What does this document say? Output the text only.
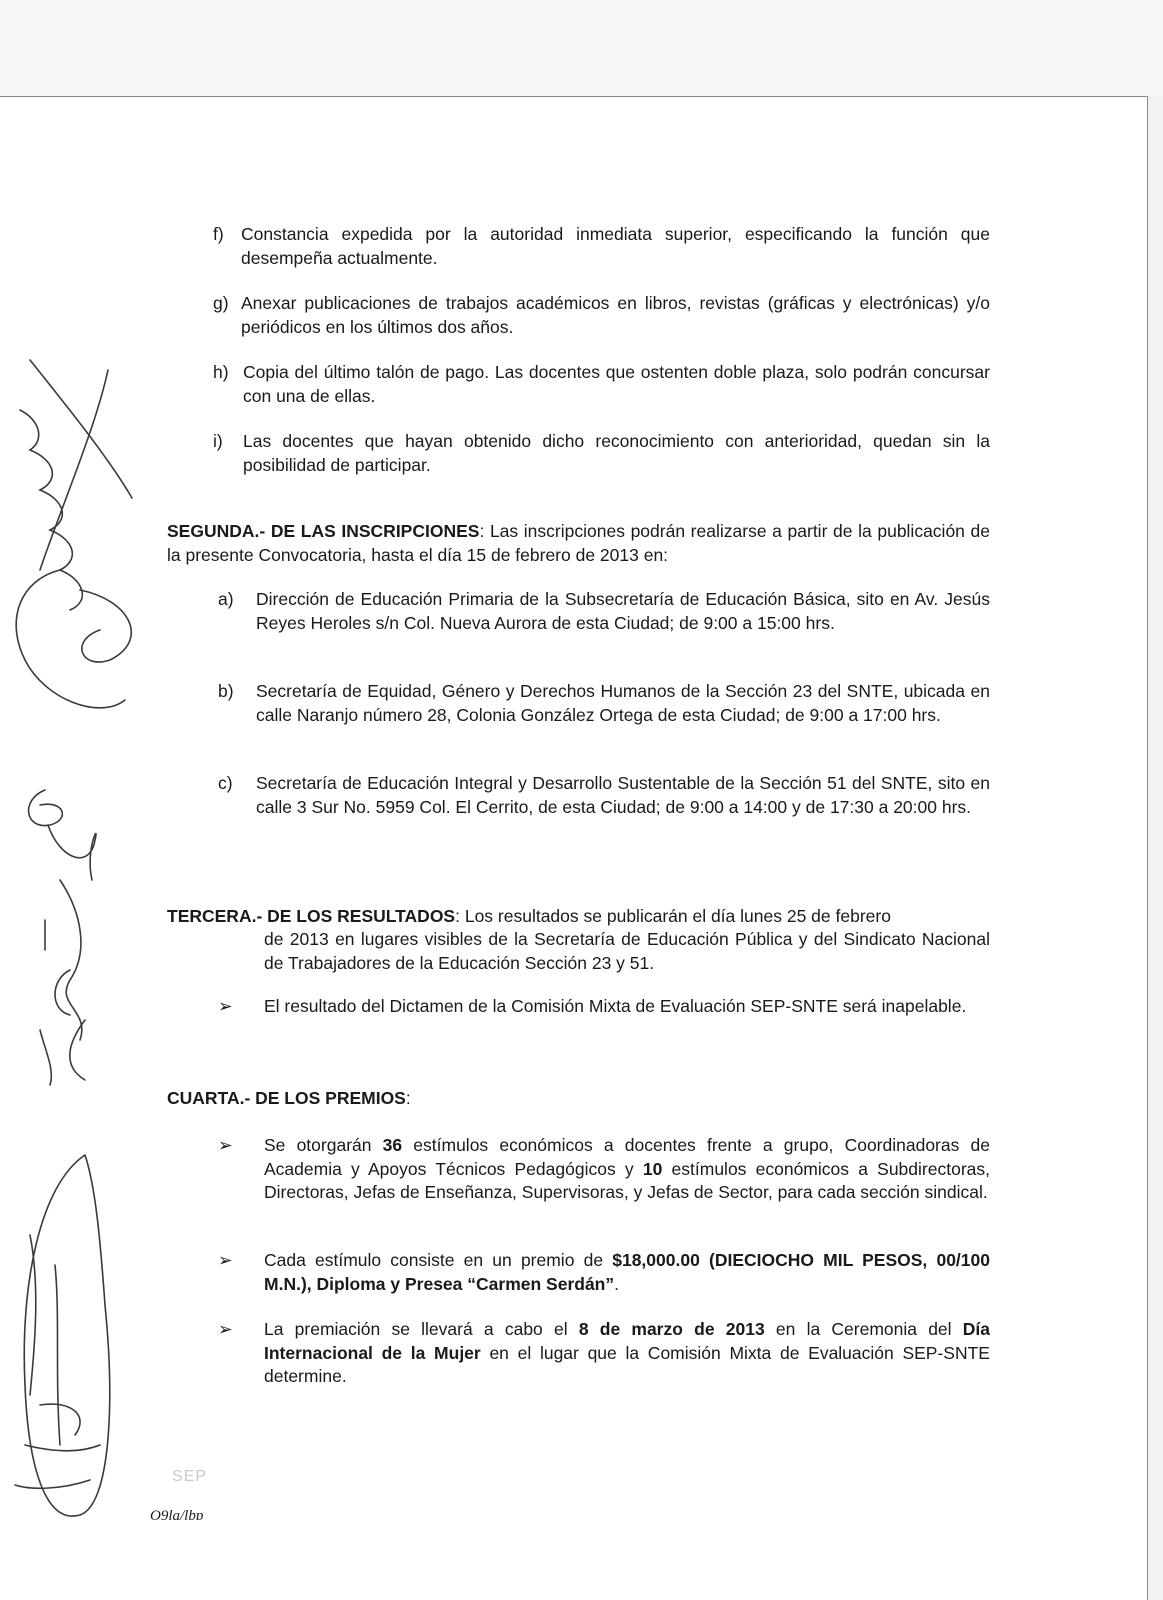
f) Constancia expedida por la autoridad inmediata superior, especificando la función que desempeña actualmente.
g) Anexar publicaciones de trabajos académicos en libros, revistas (gráficas y electrónicas) y/o periódicos en los últimos dos años.
h) Copia del último talón de pago. Las docentes que ostenten doble plaza, solo podrán concursar con una de ellas.
i) Las docentes que hayan obtenido dicho reconocimiento con anterioridad, quedan sin la posibilidad de participar.
SEGUNDA.- DE LAS INSCRIPCIONES: Las inscripciones podrán realizarse a partir de la publicación de la presente Convocatoria, hasta el día 15 de febrero de 2013 en:
a) Dirección de Educación Primaria de la Subsecretaría de Educación Básica, sito en Av. Jesús Reyes Heroles s/n Col. Nueva Aurora de esta Ciudad; de 9:00 a 15:00 hrs.
b) Secretaría de Equidad, Género y Derechos Humanos de la Sección 23 del SNTE, ubicada en calle Naranjo número 28, Colonia González Ortega de esta Ciudad; de 9:00 a 17:00 hrs.
c) Secretaría de Educación Integral y Desarrollo Sustentable de la Sección 51 del SNTE, sito en calle 3 Sur No. 5959 Col. El Cerrito, de esta Ciudad; de 9:00 a 14:00 y de 17:30 a 20:00 hrs.
TERCERA.- DE LOS RESULTADOS: Los resultados se publicarán el día lunes 25 de febrero
de 2013 en lugares visibles de la Secretaría de Educación Pública y del Sindicato Nacional de Trabajadores de la Educación Sección 23 y 51.
➢ El resultado del Dictamen de la Comisión Mixta de Evaluación SEP-SNTE será inapelable.
CUARTA.- DE LOS PREMIOS:
➢ Se otorgarán 36 estímulos económicos a docentes frente a grupo, Coordinadoras de Academia y Apoyos Técnicos Pedagógicos y 10 estímulos económicos a Subdirectoras, Directoras, Jefas de Enseñanza, Supervisoras, y Jefas de Sector, para cada sección sindical.
➢ Cada estímulo consiste en un premio de $18,000.00 (DIECIOCHO MIL PESOS, 00/100 M.N.), Diploma y Presea “Carmen Serdán”.
➢ La premiación se llevará a cabo el 8 de marzo de 2013 en la Ceremonia del Día Internacional de la Mujer en el lugar que la Comisión Mixta de Evaluación SEP-SNTE determine.
SEP
O9la/lbɒ
